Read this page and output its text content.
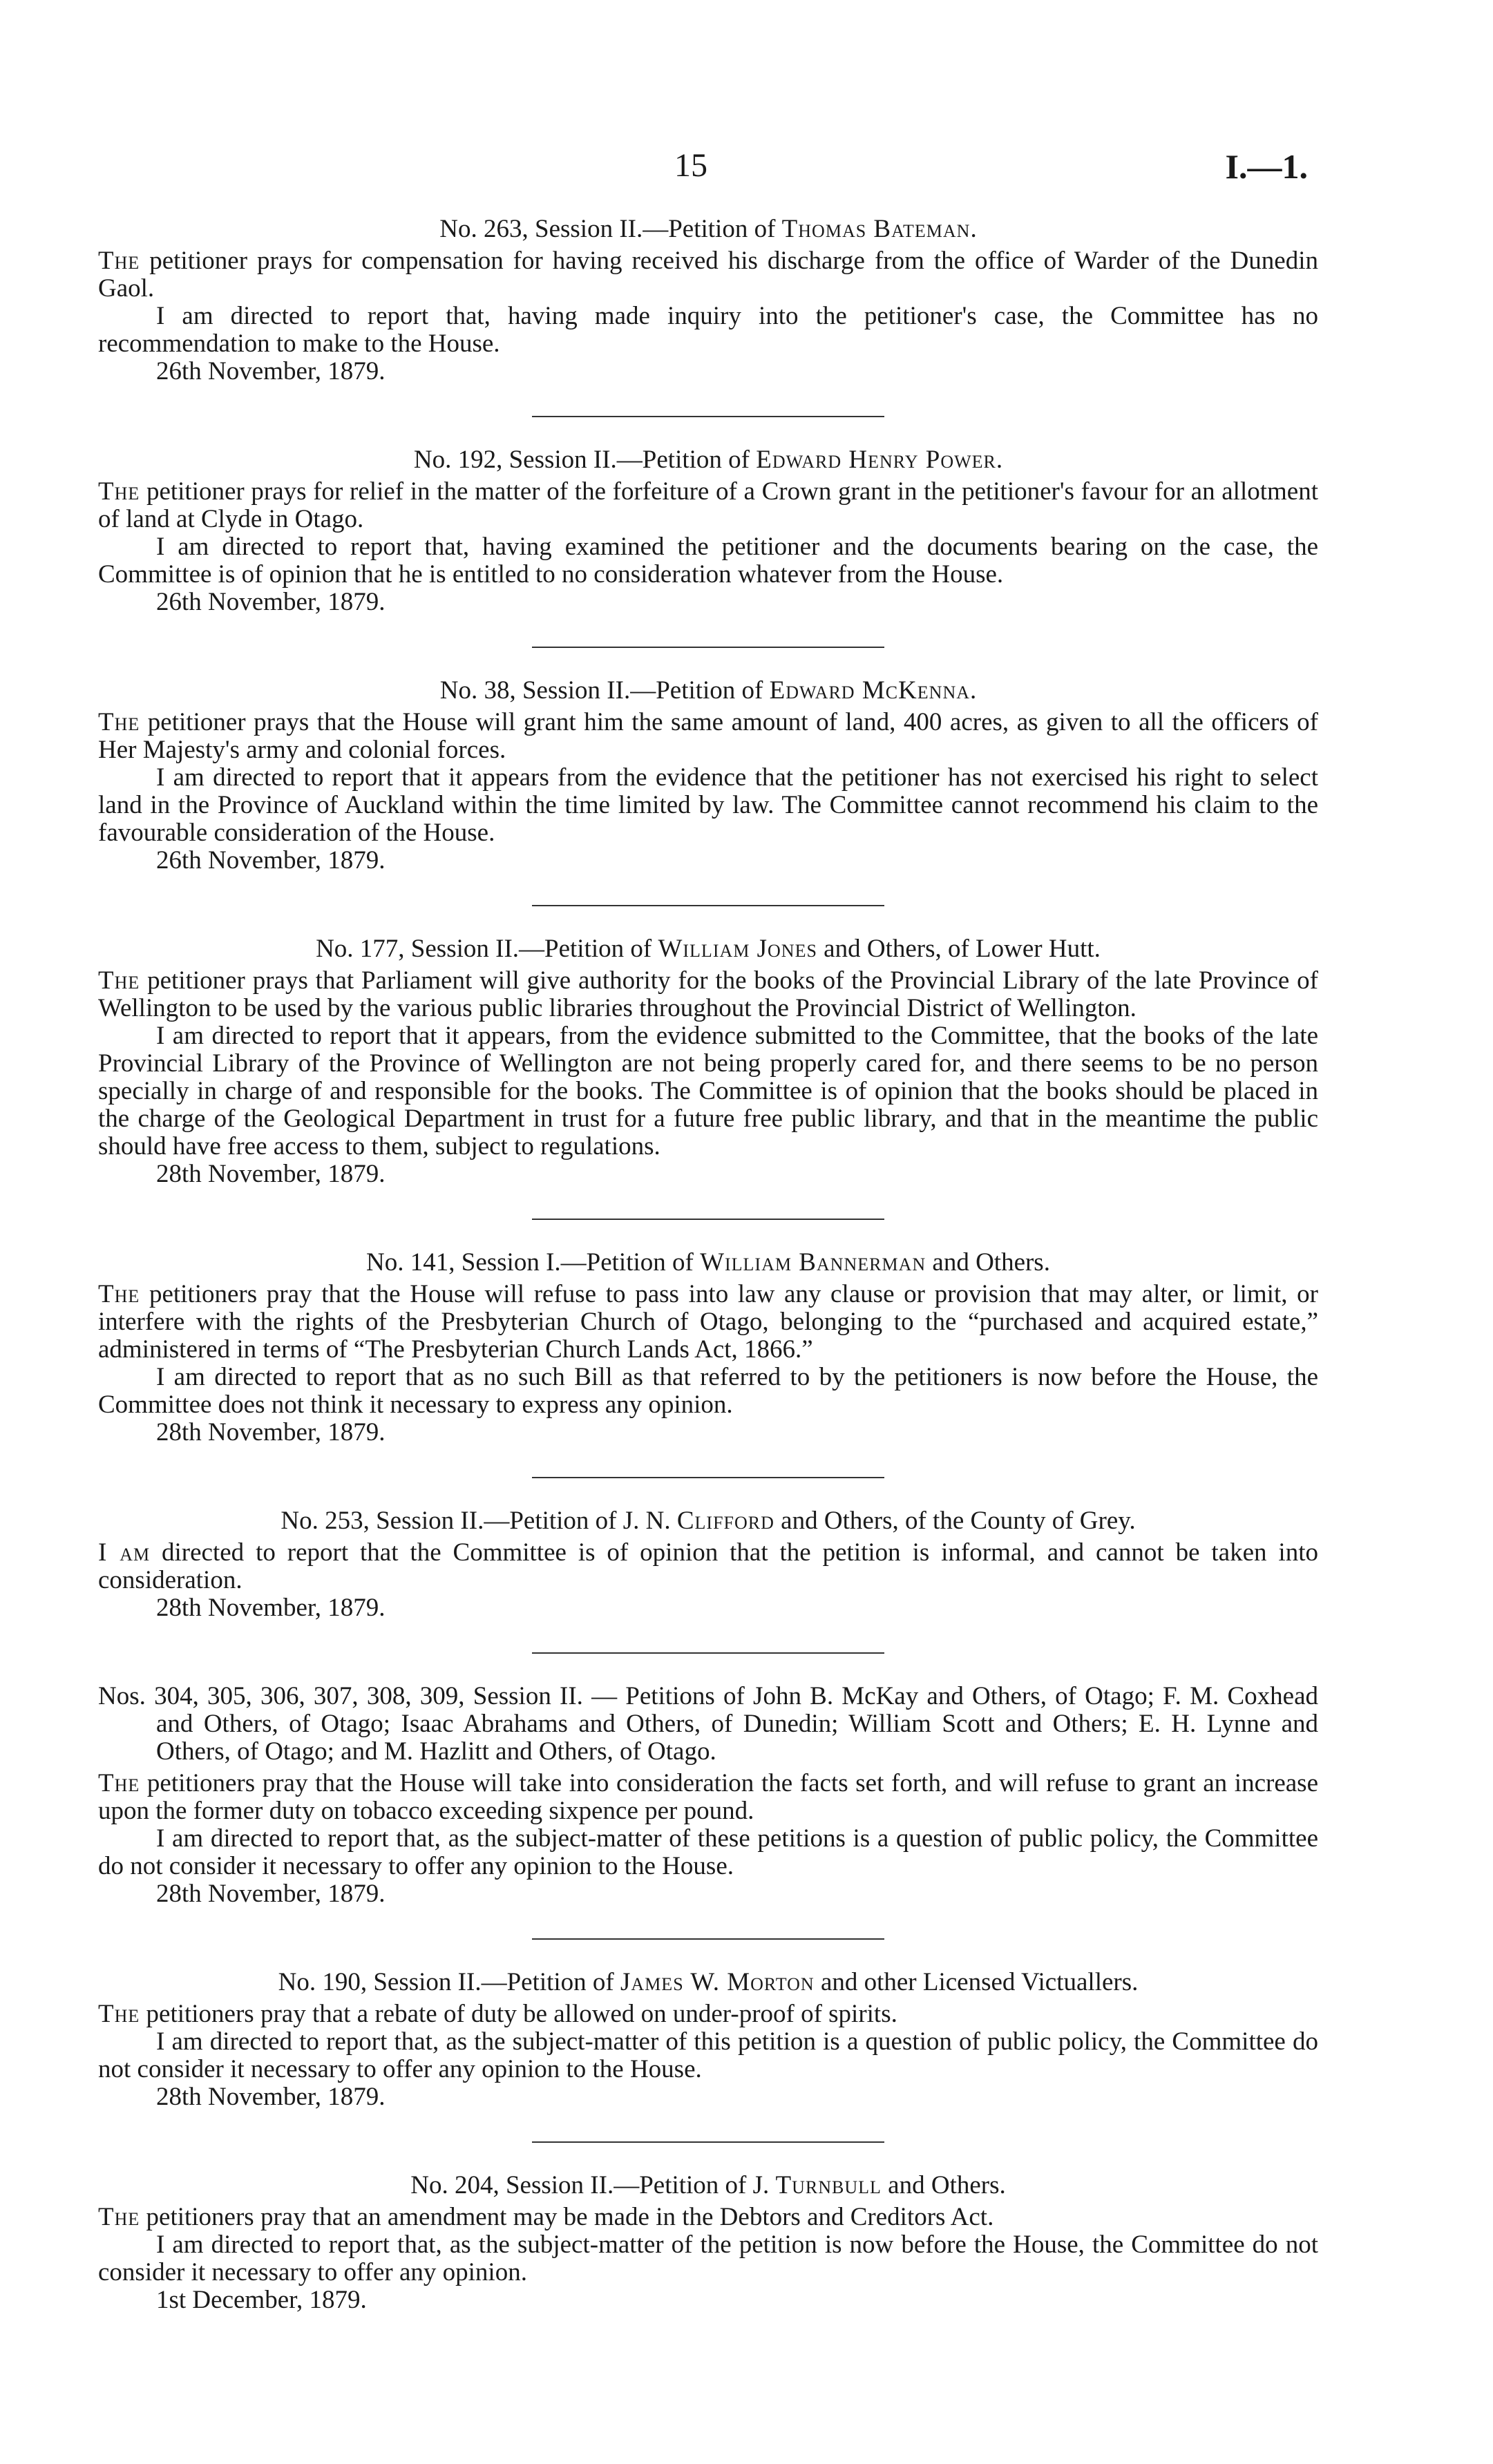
15	I.—1.

No. 263, Session II.—Petition of Thomas Bateman.

The petitioner prays for compensation for having received his discharge from the office of Warder of the Dunedin Gaol.

I am directed to report that, having made inquiry into the petitioner's case, the Committee has no recommendation to make to the House.

26th November, 1879.

No. 192, Session II.—Petition of Edward Henry Power.

The petitioner prays for relief in the matter of the forfeiture of a Crown grant in the petitioner's favour for an allotment of land at Clyde in Otago.

I am directed to report that, having examined the petitioner and the documents bearing on the case, the Committee is of opinion that he is entitled to no consideration whatever from the House.

26th November, 1879.

No. 38, Session II.—Petition of Edward McKenna.

The petitioner prays that the House will grant him the same amount of land, 400 acres, as given to all the officers of Her Majesty's army and colonial forces.

I am directed to report that it appears from the evidence that the petitioner has not exercised his right to select land in the Province of Auckland within the time limited by law. The Committee cannot recommend his claim to the favourable consideration of the House.

26th November, 1879.

No. 177, Session II.—Petition of William Jones and Others, of Lower Hutt.

The petitioner prays that Parliament will give authority for the books of the Provincial Library of the late Province of Wellington to be used by the various public libraries throughout the Provincial District of Wellington.

I am directed to report that it appears, from the evidence submitted to the Committee, that the books of the late Provincial Library of the Province of Wellington are not being properly cared for, and there seems to be no person specially in charge of and responsible for the books. The Committee is of opinion that the books should be placed in the charge of the Geological Department in trust for a future free public library, and that in the meantime the public should have free access to them, subject to regulations.

28th November, 1879.

No. 141, Session I.—Petition of William Bannerman and Others.

The petitioners pray that the House will refuse to pass into law any clause or provision that may alter, or limit, or interfere with the rights of the Presbyterian Church of Otago, belonging to the “purchased and acquired estate,” administered in terms of “The Presbyterian Church Lands Act, 1866.”

I am directed to report that as no such Bill as that referred to by the petitioners is now before the House, the Committee does not think it necessary to express any opinion.

28th November, 1879.

No. 253, Session II.—Petition of J. N. Clifford and Others, of the County of Grey.

I am directed to report that the Committee is of opinion that the petition is informal, and cannot be taken into consideration.

28th November, 1879.

Nos. 304, 305, 306, 307, 308, 309, Session II. — Petitions of John B. McKay and Others, of Otago; F. M. Coxhead and Others, of Otago; Isaac Abrahams and Others, of Dunedin; William Scott and Others; E. H. Lynne and Others, of Otago; and M. Hazlitt and Others, of Otago.

The petitioners pray that the House will take into consideration the facts set forth, and will refuse to grant an increase upon the former duty on tobacco exceeding sixpence per pound.

I am directed to report that, as the subject-matter of these petitions is a question of public policy, the Committee do not consider it necessary to offer any opinion to the House.

28th November, 1879.

No. 190, Session II.—Petition of James W. Morton and other Licensed Victuallers.

The petitioners pray that a rebate of duty be allowed on under-proof of spirits.

I am directed to report that, as the subject-matter of this petition is a question of public policy, the Committee do not consider it necessary to offer any opinion to the House.

28th November, 1879.

No. 204, Session II.—Petition of J. Turnbull and Others.

The petitioners pray that an amendment may be made in the Debtors and Creditors Act.

I am directed to report that, as the subject-matter of the petition is now before the House, the Committee do not consider it necessary to offer any opinion.

1st December, 1879.
